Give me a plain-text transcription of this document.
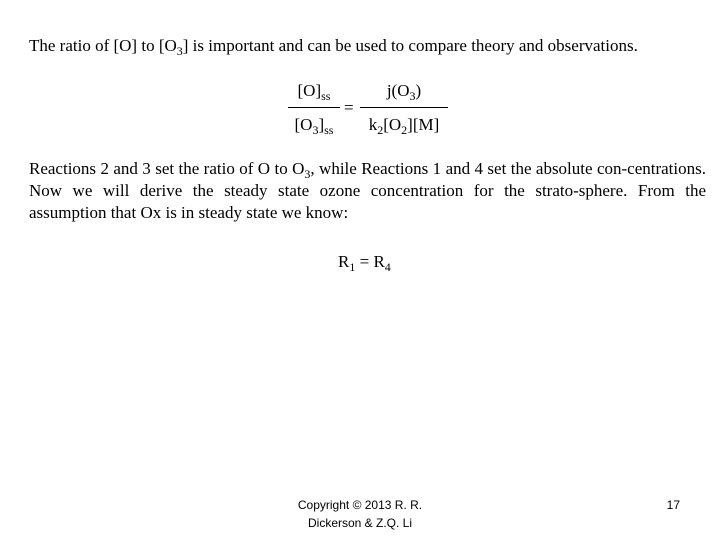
The ratio of [O] to $[O_3]$ is important and can be used to compare theory and observations.

$[O]_{ss}$
$[O_3]_{ss}$
=
$j(O_3)$
$k_2[O_2][M]$

Reactions 2 and 3 set the ratio of O to $O_3$, while Reactions 1 and 4 set the absolute con-centrations. Now we will derive the steady state ozone concentration for the strato-sphere. From the assumption that Ox is in steady state we know:

$R_1 = R_4$
Copyright © 2013 R. R.
Dickerson & Z.Q. Li
17
